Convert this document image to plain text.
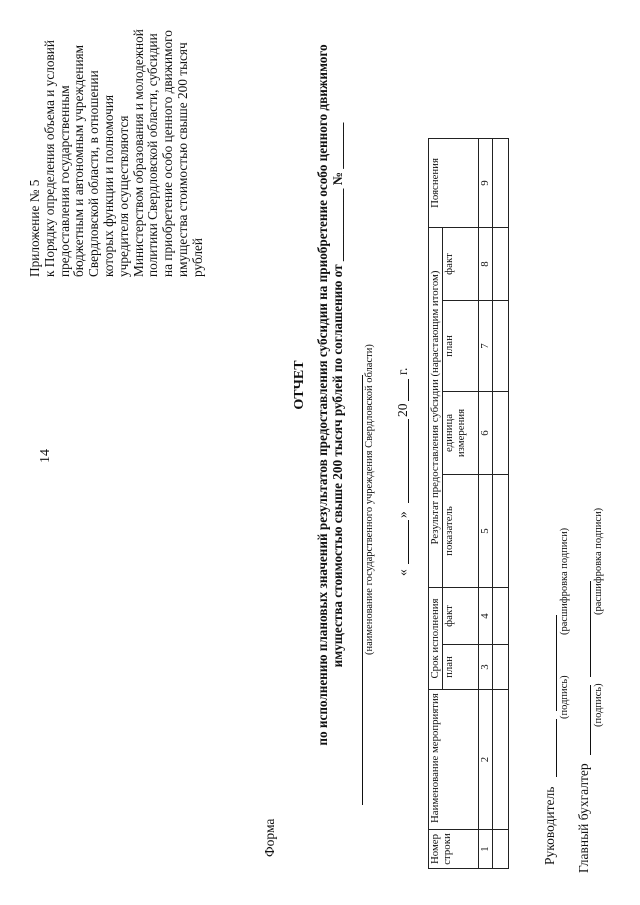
14
Приложение № 5 к Порядку определения объема и условий предоставления государственным бюджетным и автономным учреждениям Свердловской области, в отношении которых функции и полномочия учредителя осуществляются Министерством образования и молодежной политики Свердловской области, субсидии на приобретение особо ценного движимого имущества стоимостью свыше 200 тысяч рублей
Форма
ОТЧЕТ по исполнению плановых значений результатов предоставления субсидии на приобретение особо ценного движимого имущества стоимостью свыше 200 тысяч рублей по соглашению от ___________ № _______ (наименование государственного учреждения Свердловской области) «
»
20
г.
Номер строки	Наименование мероприятия	Срок исполнения		Результат предоставления субсидии (нарастающим итогом)				Пояснения
		план	факт	показатель	единица измерения	план	факт	
1	2	3	4	5	6	7	8	9

Руководитель
(подпись)
(расшифровка подписи)
Главный бухгалтер
(подпись)
(расшифровка подписи)
